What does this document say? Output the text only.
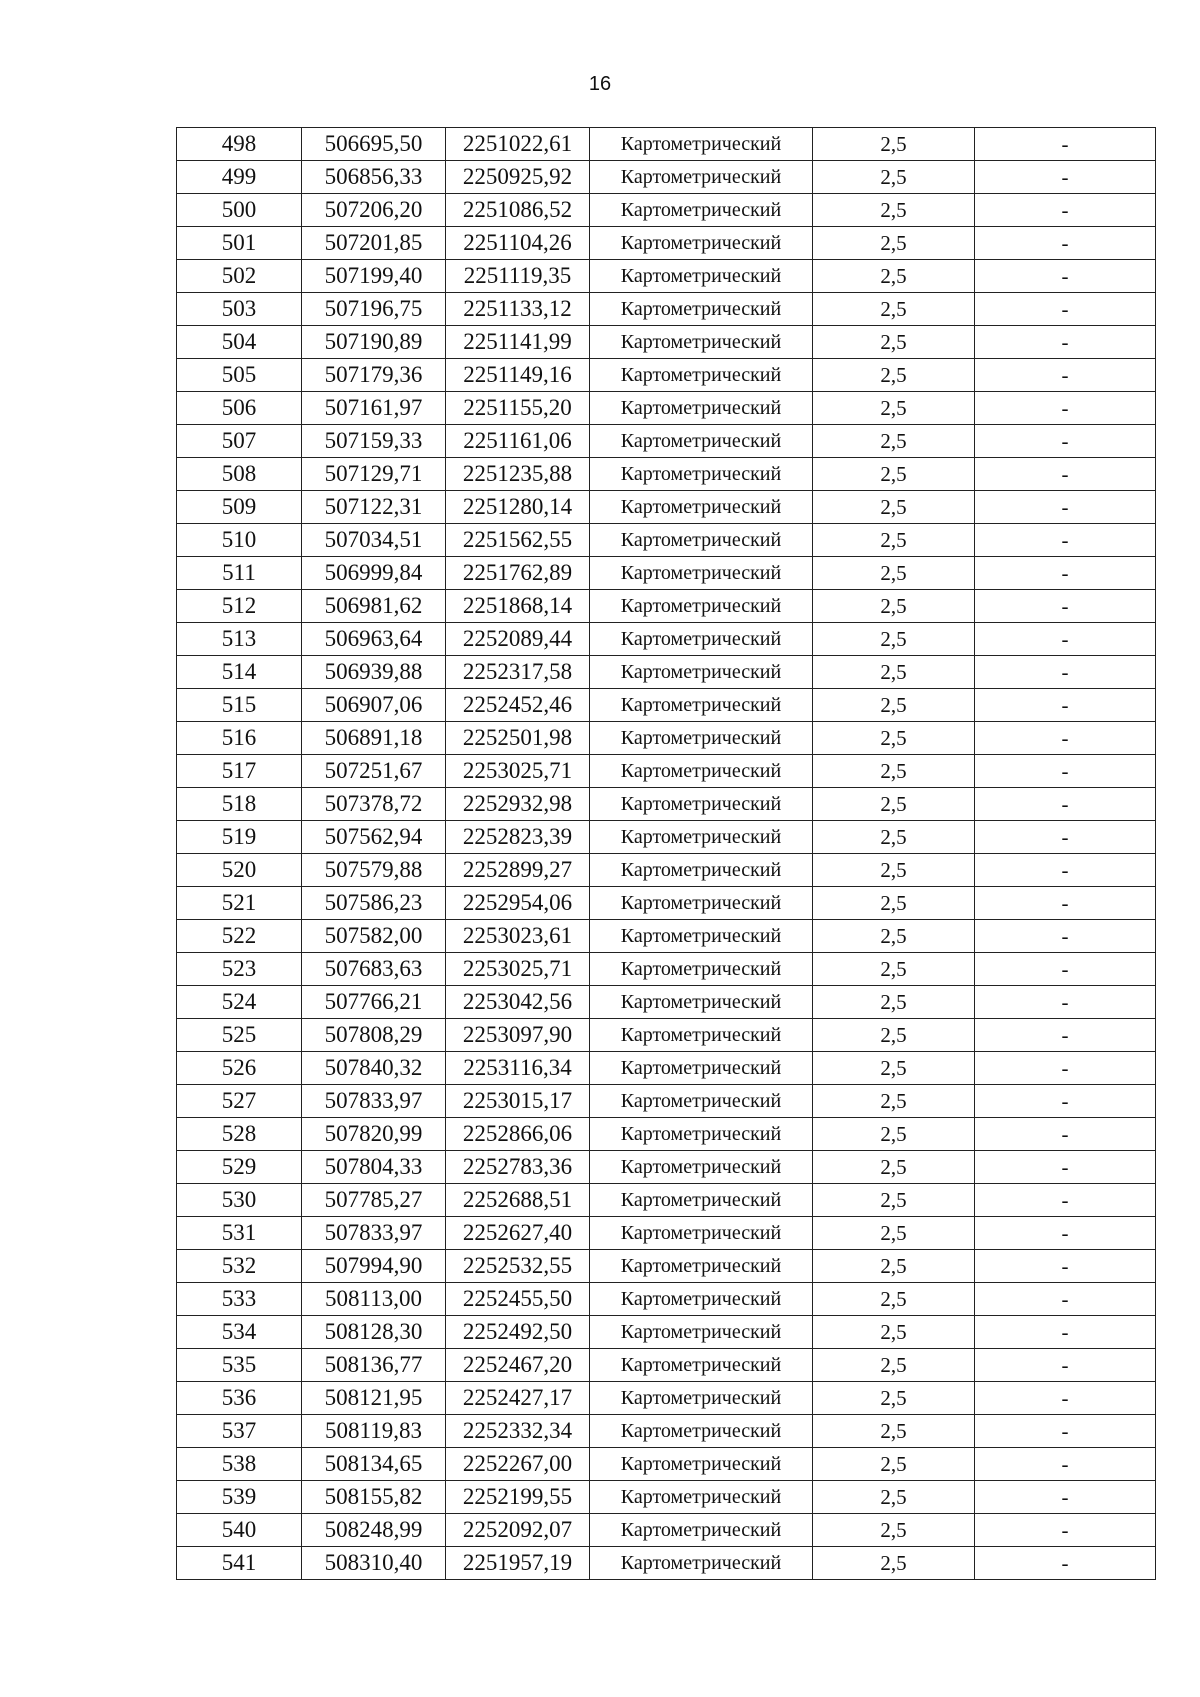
16
498	506695,50	2251022,61	Картометрический	2,5	-
499	506856,33	2250925,92	Картометрический	2,5	-
500	507206,20	2251086,52	Картометрический	2,5	-
501	507201,85	2251104,26	Картометрический	2,5	-
502	507199,40	2251119,35	Картометрический	2,5	-
503	507196,75	2251133,12	Картометрический	2,5	-
504	507190,89	2251141,99	Картометрический	2,5	-
505	507179,36	2251149,16	Картометрический	2,5	-
506	507161,97	2251155,20	Картометрический	2,5	-
507	507159,33	2251161,06	Картометрический	2,5	-
508	507129,71	2251235,88	Картометрический	2,5	-
509	507122,31	2251280,14	Картометрический	2,5	-
510	507034,51	2251562,55	Картометрический	2,5	-
511	506999,84	2251762,89	Картометрический	2,5	-
512	506981,62	2251868,14	Картометрический	2,5	-
513	506963,64	2252089,44	Картометрический	2,5	-
514	506939,88	2252317,58	Картометрический	2,5	-
515	506907,06	2252452,46	Картометрический	2,5	-
516	506891,18	2252501,98	Картометрический	2,5	-
517	507251,67	2253025,71	Картометрический	2,5	-
518	507378,72	2252932,98	Картометрический	2,5	-
519	507562,94	2252823,39	Картометрический	2,5	-
520	507579,88	2252899,27	Картометрический	2,5	-
521	507586,23	2252954,06	Картометрический	2,5	-
522	507582,00	2253023,61	Картометрический	2,5	-
523	507683,63	2253025,71	Картометрический	2,5	-
524	507766,21	2253042,56	Картометрический	2,5	-
525	507808,29	2253097,90	Картометрический	2,5	-
526	507840,32	2253116,34	Картометрический	2,5	-
527	507833,97	2253015,17	Картометрический	2,5	-
528	507820,99	2252866,06	Картометрический	2,5	-
529	507804,33	2252783,36	Картометрический	2,5	-
530	507785,27	2252688,51	Картометрический	2,5	-
531	507833,97	2252627,40	Картометрический	2,5	-
532	507994,90	2252532,55	Картометрический	2,5	-
533	508113,00	2252455,50	Картометрический	2,5	-
534	508128,30	2252492,50	Картометрический	2,5	-
535	508136,77	2252467,20	Картометрический	2,5	-
536	508121,95	2252427,17	Картометрический	2,5	-
537	508119,83	2252332,34	Картометрический	2,5	-
538	508134,65	2252267,00	Картометрический	2,5	-
539	508155,82	2252199,55	Картометрический	2,5	-
540	508248,99	2252092,07	Картометрический	2,5	-
541	508310,40	2251957,19	Картометрический	2,5	-
